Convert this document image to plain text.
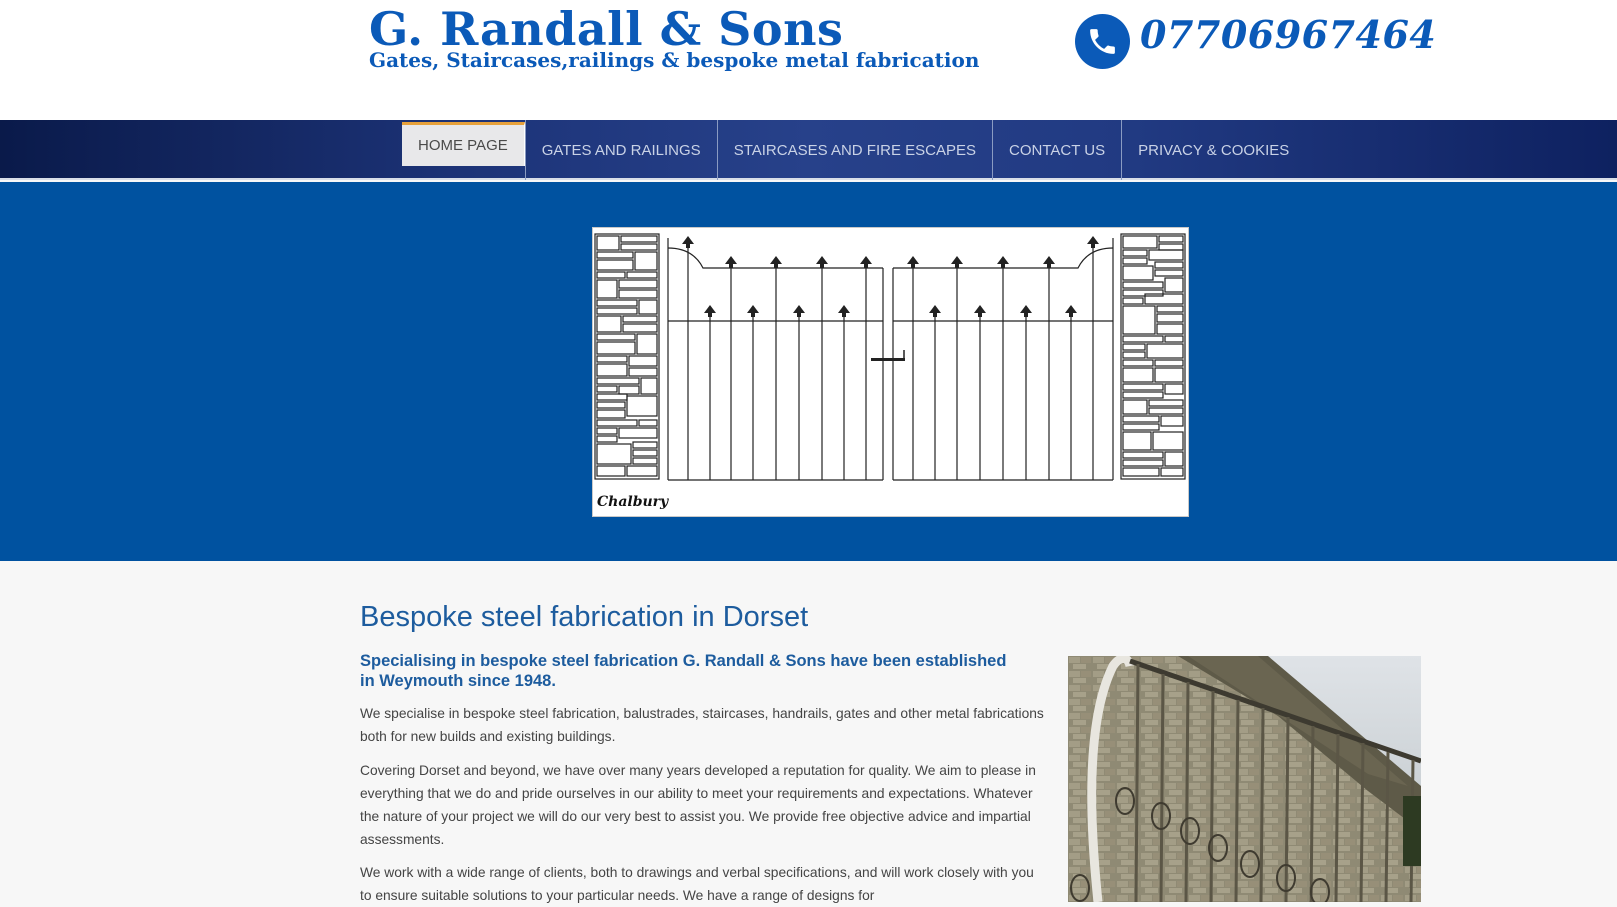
G. Randall & Sons
Gates, Staircases,railings & bespoke metal fabrication
07706967464
HOME PAGE	GATES AND RAILINGS	STAIRCASES AND FIRE ESCAPES	CONTACT US	PRIVACY & COOKIES
Chalbury
Bespoke steel fabrication in Dorset
Specialising in bespoke steel fabrication G. Randall & Sons have been established in Weymouth since 1948.

We specialise in bespoke steel fabrication, balustrades, staircases, handrails, gates and other metal fabrications both for new builds and existing buildings.

Covering Dorset and beyond, we have over many years developed a reputation for quality. We aim to please in everything that we do and pride ourselves in our ability to meet your requirements and expectations. Whatever the nature of your project we will do our very best to assist you. We provide free objective advice and impartial assessments.

We work with a wide range of clients, both to drawings and verbal specifications, and will work closely with you to ensure suitable solutions to your particular needs. We have a range of designs for
